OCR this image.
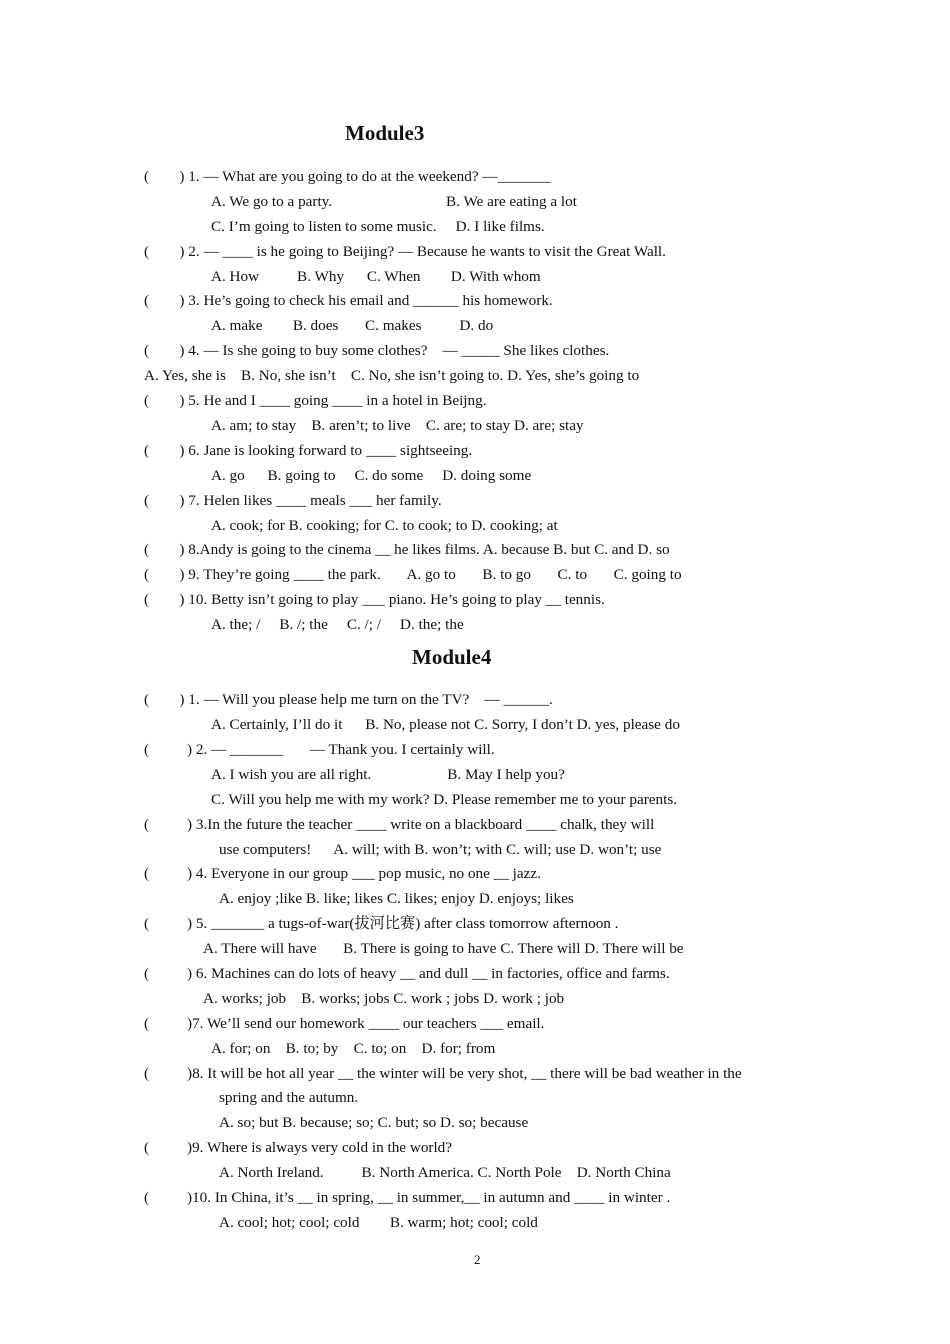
Module3
(        ) 1. — What are you going to do at the weekend? —_______
A. We go to a party.                              B. We are eating a lot
C. I’m going to listen to some music.     D. I like films.
(        ) 2. — ____ is he going to Beijing? — Because he wants to visit the Great Wall.
A. How          B. Why      C. When        D. With whom
(        ) 3. He’s going to check his email and ______ his homework.
A. make        B. does       C. makes          D. do
(        ) 4. — Is she going to buy some clothes?    — _____ She likes clothes.
A. Yes, she is    B. No, she isn’t    C. No, she isn’t going to. D. Yes, she’s going to
(        ) 5. He and I ____ going ____ in a hotel in Beijng.
A. am; to stay    B. aren’t; to live    C. are; to stay D. are; stay
(        ) 6. Jane is looking forward to ____ sightseeing.
A. go      B. going to     C. do some     D. doing some
(        ) 7. Helen likes ____ meals ___ her family.
A. cook; for B. cooking; for C. to cook; to D. cooking; at
(        ) 8.Andy is going to the cinema __ he likes films. A. because B. but C. and D. so
(        ) 9. They’re going ____ the park.       A. go to       B. to go       C. to       C. going to
(        ) 10. Betty isn’t going to play ___ piano. He’s going to play __ tennis.
A. the; /     B. /; the     C. /; /     D. the; the
Module4
(        ) 1. — Will you please help me turn on the TV?    — ______.
A. Certainly, I’ll do it      B. No, please not C. Sorry, I don’t D. yes, please do
(          ) 2. — _______       — Thank you. I certainly will.
A. I wish you are all right.                    B. May I help you?
C. Will you help me with my work? D. Please remember me to your parents.
(          ) 3.In the future the teacher ____ write on a blackboard ____ chalk, they will
use computers!      A. will; with B. won’t; with C. will; use D. won’t; use
(          ) 4. Everyone in our group ___ pop music, no one __ jazz.
A. enjoy ;like B. like; likes C. likes; enjoy D. enjoys; likes
(          ) 5. _______ a tugs-of-war(拔河比赛) after class tomorrow afternoon .
A. There will have       B. There is going to have C. There will D. There will be
(          ) 6. Machines can do lots of heavy __ and dull __ in factories, office and farms.
A. works; job    B. works; jobs C. work ; jobs D. work ; job
(          )7. We’ll send our homework ____ our teachers ___ email.
A. for; on    B. to; by    C. to; on    D. for; from
(          )8. It will be hot all year __ the winter will be very shot, __ there will be bad weather in the
spring and the autumn.
A. so; but B. because; so; C. but; so D. so; because
(          )9. Where is always very cold in the world?
A. North Ireland.          B. North America. C. North Pole    D. North China
(          )10. In China, it’s __ in spring, __ in summer,__ in autumn and ____ in winter .
A. cool; hot; cool; cold        B. warm; hot; cool; cold
2
